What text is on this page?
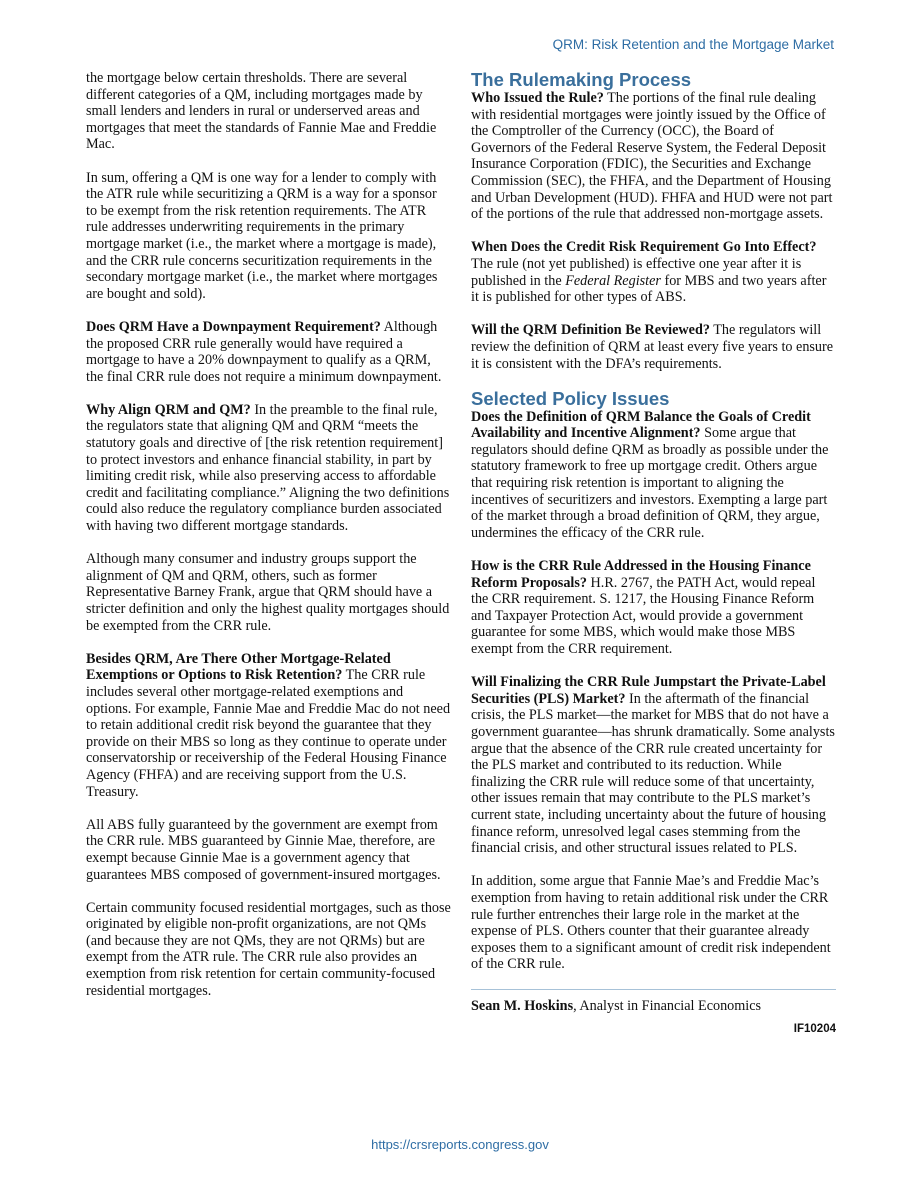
QRM: Risk Retention and the Mortgage Market

the mortgage below certain thresholds. There are several different categories of a QM, including mortgages made by small lenders and lenders in rural or underserved areas and mortgages that meet the standards of Fannie Mae and Freddie Mac.

In sum, offering a QM is one way for a lender to comply with the ATR rule while securitizing a QRM is a way for a sponsor to be exempt from the risk retention requirements. The ATR rule addresses underwriting requirements in the primary mortgage market (i.e., the market where a mortgage is made), and the CRR rule concerns securitization requirements in the secondary mortgage market (i.e., the market where mortgages are bought and sold).

Does QRM Have a Downpayment Requirement? Although the proposed CRR rule generally would have required a mortgage to have a 20% downpayment to qualify as a QRM, the final CRR rule does not require a minimum downpayment.

Why Align QRM and QM? In the preamble to the final rule, the regulators state that aligning QM and QRM “meets the statutory goals and directive of [the risk retention requirement] to protect investors and enhance financial stability, in part by limiting credit risk, while also preserving access to affordable credit and facilitating compliance.” Aligning the two definitions could also reduce the regulatory compliance burden associated with having two different mortgage standards.

Although many consumer and industry groups support the alignment of QM and QRM, others, such as former Representative Barney Frank, argue that QRM should have a stricter definition and only the highest quality mortgages should be exempted from the CRR rule.

Besides QRM, Are There Other Mortgage-Related Exemptions or Options to Risk Retention? The CRR rule includes several other mortgage-related exemptions and options. For example, Fannie Mae and Freddie Mac do not need to retain additional credit risk beyond the guarantee that they provide on their MBS so long as they continue to operate under conservatorship or receivership of the Federal Housing Finance Agency (FHFA) and are receiving support from the U.S. Treasury.

All ABS fully guaranteed by the government are exempt from the CRR rule. MBS guaranteed by Ginnie Mae, therefore, are exempt because Ginnie Mae is a government agency that guarantees MBS composed of government-insured mortgages.

Certain community focused residential mortgages, such as those originated by eligible non-profit organizations, are not QMs (and because they are not QMs, they are not QRMs) but are exempt from the ATR rule. The CRR rule also provides an exemption from risk retention for certain community-focused residential mortgages.

The Rulemaking Process

Who Issued the Rule? The portions of the final rule dealing with residential mortgages were jointly issued by the Office of the Comptroller of the Currency (OCC), the Board of Governors of the Federal Reserve System, the Federal Deposit Insurance Corporation (FDIC), the Securities and Exchange Commission (SEC), the FHFA, and the Department of Housing and Urban Development (HUD). FHFA and HUD were not part of the portions of the rule that addressed non-mortgage assets.

When Does the Credit Risk Requirement Go Into Effect? The rule (not yet published) is effective one year after it is published in the Federal Register for MBS and two years after it is published for other types of ABS.

Will the QRM Definition Be Reviewed? The regulators will review the definition of QRM at least every five years to ensure it is consistent with the DFA’s requirements.

Selected Policy Issues

Does the Definition of QRM Balance the Goals of Credit Availability and Incentive Alignment? Some argue that regulators should define QRM as broadly as possible under the statutory framework to free up mortgage credit. Others argue that requiring risk retention is important to aligning the incentives of securitizers and investors. Exempting a large part of the market through a broad definition of QRM, they argue, undermines the efficacy of the CRR rule.

How is the CRR Rule Addressed in the Housing Finance Reform Proposals? H.R. 2767, the PATH Act, would repeal the CRR requirement. S. 1217, the Housing Finance Reform and Taxpayer Protection Act, would provide a government guarantee for some MBS, which would make those MBS exempt from the CRR requirement.

Will Finalizing the CRR Rule Jumpstart the Private-Label Securities (PLS) Market? In the aftermath of the financial crisis, the PLS market—the market for MBS that do not have a government guarantee—has shrunk dramatically. Some analysts argue that the absence of the CRR rule created uncertainty for the PLS market and contributed to its reduction. While finalizing the CRR rule will reduce some of that uncertainty, other issues remain that may contribute to the PLS market’s current state, including uncertainty about the future of housing finance reform, unresolved legal cases stemming from the financial crisis, and other structural issues related to PLS.

In addition, some argue that Fannie Mae’s and Freddie Mac’s exemption from having to retain additional risk under the CRR rule further entrenches their large role in the market at the expense of PLS. Others counter that their guarantee already exposes them to a significant amount of credit risk independent of the CRR rule.

Sean M. Hoskins, Analyst in Financial Economics

IF10204
https://crsreports.congress.gov
